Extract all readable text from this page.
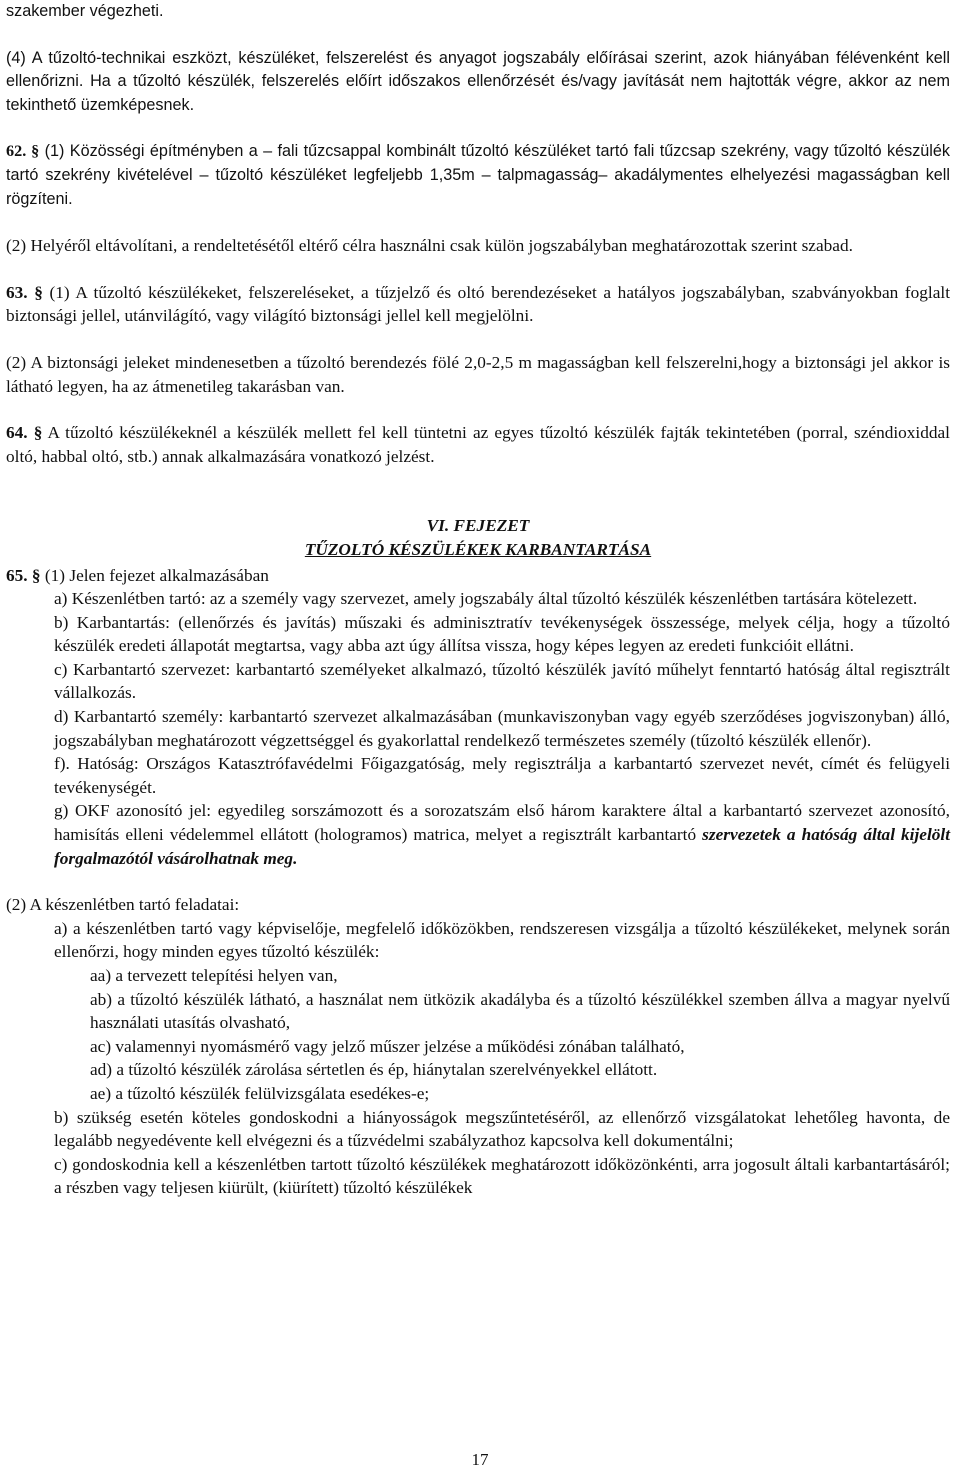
szakember végezheti.

(4) A tűzoltó-technikai eszközt, készüléket, felszerelést és anyagot jogszabály előírásai szerint, azok hiányában félévenként kell ellenőrizni. Ha a tűzoltó készülék, felszerelés előírt időszakos ellenőrzését és/vagy javítását nem hajtották végre, akkor az nem tekinthető üzemképesnek.

62. § (1) Közösségi építményben a – fali tűzcsappal kombinált tűzoltó készüléket tartó fali tűzcsap szekrény, vagy tűzoltó készülék tartó szekrény kivételével – tűzoltó készüléket legfeljebb 1,35m – talpmagasság– akadálymentes elhelyezési magasságban kell rögzíteni.

(2) Helyéről eltávolítani, a rendeltetésétől eltérő célra használni csak külön jogszabályban meghatározottak szerint szabad.

63. § (1) A tűzoltó készülékeket, felszereléseket, a tűzjelző és oltó berendezéseket a hatályos jogszabályban, szabványokban foglalt biztonsági jellel, utánvilágító, vagy világító biztonsági jellel kell megjelölni.

(2) A biztonsági jeleket mindenesetben a tűzoltó berendezés fölé 2,0-2,5 m magasságban kell felszerelni,hogy a biztonsági jel akkor is látható legyen, ha az átmenetileg takarásban van.

64. § A tűzoltó készülékeknél a készülék mellett fel kell tüntetni az egyes tűzoltó készülék fajták tekintetében (porral, széndioxiddal oltó, habbal oltó, stb.) annak alkalmazására vonatkozó jelzést.

VI. FEJEZET

TŰZOLTÓ KÉSZÜLÉKEK KARBANTARTÁSA

65. § (1) Jelen fejezet alkalmazásában

a) Készenlétben tartó: az a személy vagy szervezet, amely jogszabály által tűzoltó készülék készenlétben tartására kötelezett.

b) Karbantartás: (ellenőrzés és javítás) műszaki és adminisztratív tevékenységek összessége, melyek célja, hogy a tűzoltó készülék eredeti állapotát megtartsa, vagy abba azt úgy állítsa vissza, hogy képes legyen az eredeti funkcióit ellátni.

c) Karbantartó szervezet: karbantartó személyeket alkalmazó, tűzoltó készülék javító műhelyt fenntartó hatóság által regisztrált vállalkozás.

d) Karbantartó személy: karbantartó szervezet alkalmazásában (munkaviszonyban vagy egyéb szerződéses jogviszonyban) álló, jogszabályban meghatározott végzettséggel és gyakorlattal rendelkező természetes személy (tűzoltó készülék ellenőr).

f). Hatóság: Országos Katasztrófavédelmi Főigazgatóság, mely regisztrálja a karbantartó szervezet nevét, címét és felügyeli tevékenységét.

g) OKF azonosító jel: egyedileg sorszámozott és a sorozatszám első három karaktere által a karbantartó szervezet azonosító, hamisítás elleni védelemmel ellátott (hologramos) matrica, melyet a regisztrált karbantartó szervezetek a hatóság által kijelölt forgalmazótól vásárolhatnak meg.

(2) A készenlétben tartó feladatai:

a) a készenlétben tartó vagy képviselője, megfelelő időközökben, rendszeresen vizsgálja a tűzoltó készülékeket, melynek során ellenőrzi, hogy minden egyes tűzoltó készülék:

aa) a tervezett telepítési helyen van,

ab) a tűzoltó készülék látható, a használat nem ütközik akadályba és a tűzoltó készülékkel szemben állva a magyar nyelvű használati utasítás olvasható,

ac) valamennyi nyomásmérő vagy jelző műszer jelzése a működési zónában található,

ad) a tűzoltó készülék zárolása sértetlen és ép, hiánytalan szerelvényekkel ellátott.

ae) a tűzoltó készülék felülvizsgálata esedékes-e;

b) szükség esetén köteles gondoskodni a hiányosságok megszűntetéséről, az ellenőrző vizsgálatokat lehetőleg havonta, de legalább negyedévente kell elvégezni és a tűzvédelmi szabályzathoz kapcsolva kell dokumentálni;

c) gondoskodnia kell a készenlétben tartott tűzoltó készülékek meghatározott időközönkénti, arra jogosult általi karbantartásáról; a részben vagy teljesen kiürült, (kiürített) tűzoltó készülékek

17
